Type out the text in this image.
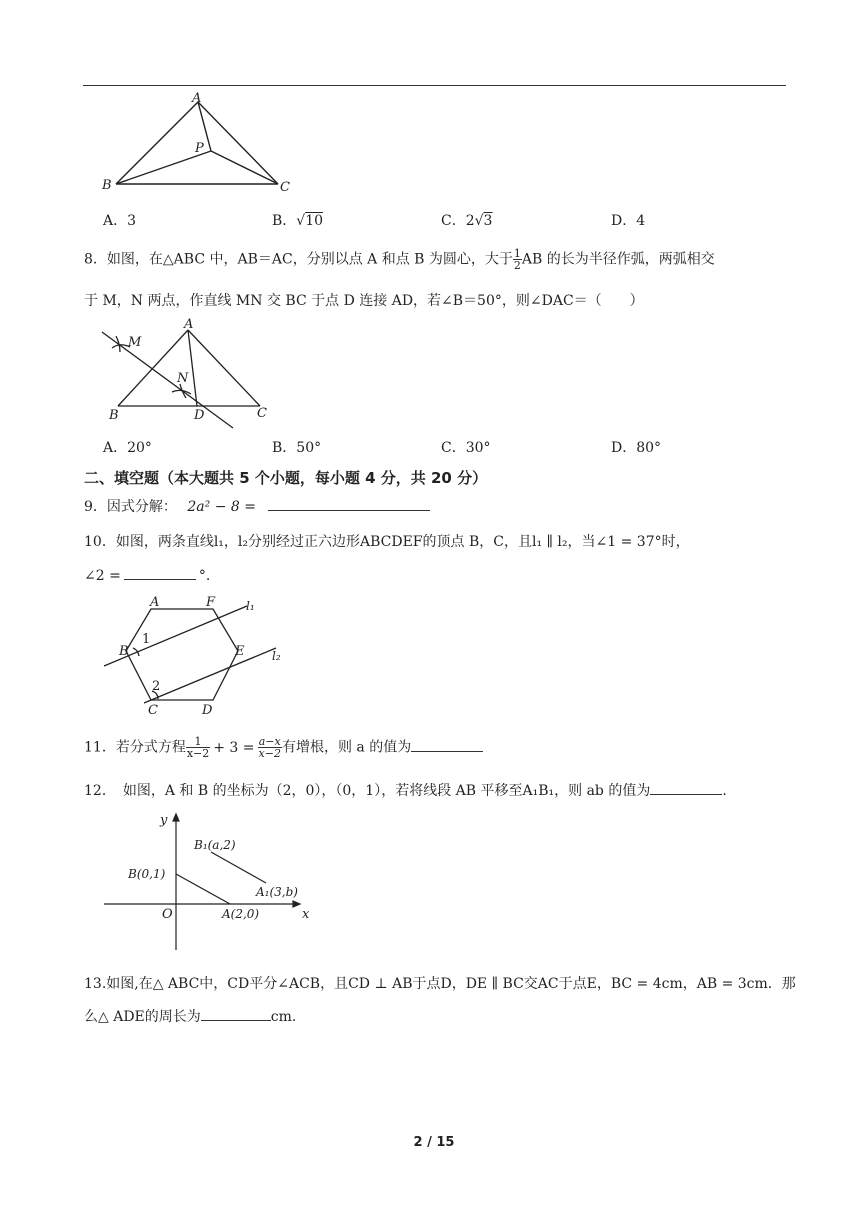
A
P
B	C
A．3	B．√10	C．2√3	D．4
8．如图，在△ABC 中，AB＝AC，分别以点 A 和点 B 为圆心，大于 $\frac{1}{2}$ AB 的长为半径作弧，两弧相交
于 M，N 两点，作直线 MN 交 BC 于点 D 连接 AD，若∠B＝50°，则∠DAC＝（　　）
A
M
N
B	D	C
A．20°	B．50°	C．30°	D．80°
二、填空题（本大题共 5 个小题，每小题 4 分，共 20 分）
9．因式分解： 2a² − 8 =
10．如图，两条直线l₁，l₂分别经过正六边形ABCDEF的顶点 B，C，且l₁ ∥ l₂，当∠1 = 37°时，
∠2 =	°.
A	F	l₁
B
1
E l₂
2
C	D
11．若分式方程 $\frac{1}{x-2} + 3 = \frac{a-x}{x-2}$ 有增根，则 a 的值为
12．　如图，A 和 B 的坐标为（2，0），（0，1），若将线段 AB 平移至A₁B₁，则 ab 的值为	.
y
B₁(a,2)
B(0,1)
A₁(3,b)
O	A(2,0)	x
13.如图,在△ ABC中，CD平分∠ACB，且CD ⊥ AB于点D，DE ∥ BC交AC于点E，BC = 4cm，AB = 3cm．那
么△ ADE的周长为	cm.
2 / 15
